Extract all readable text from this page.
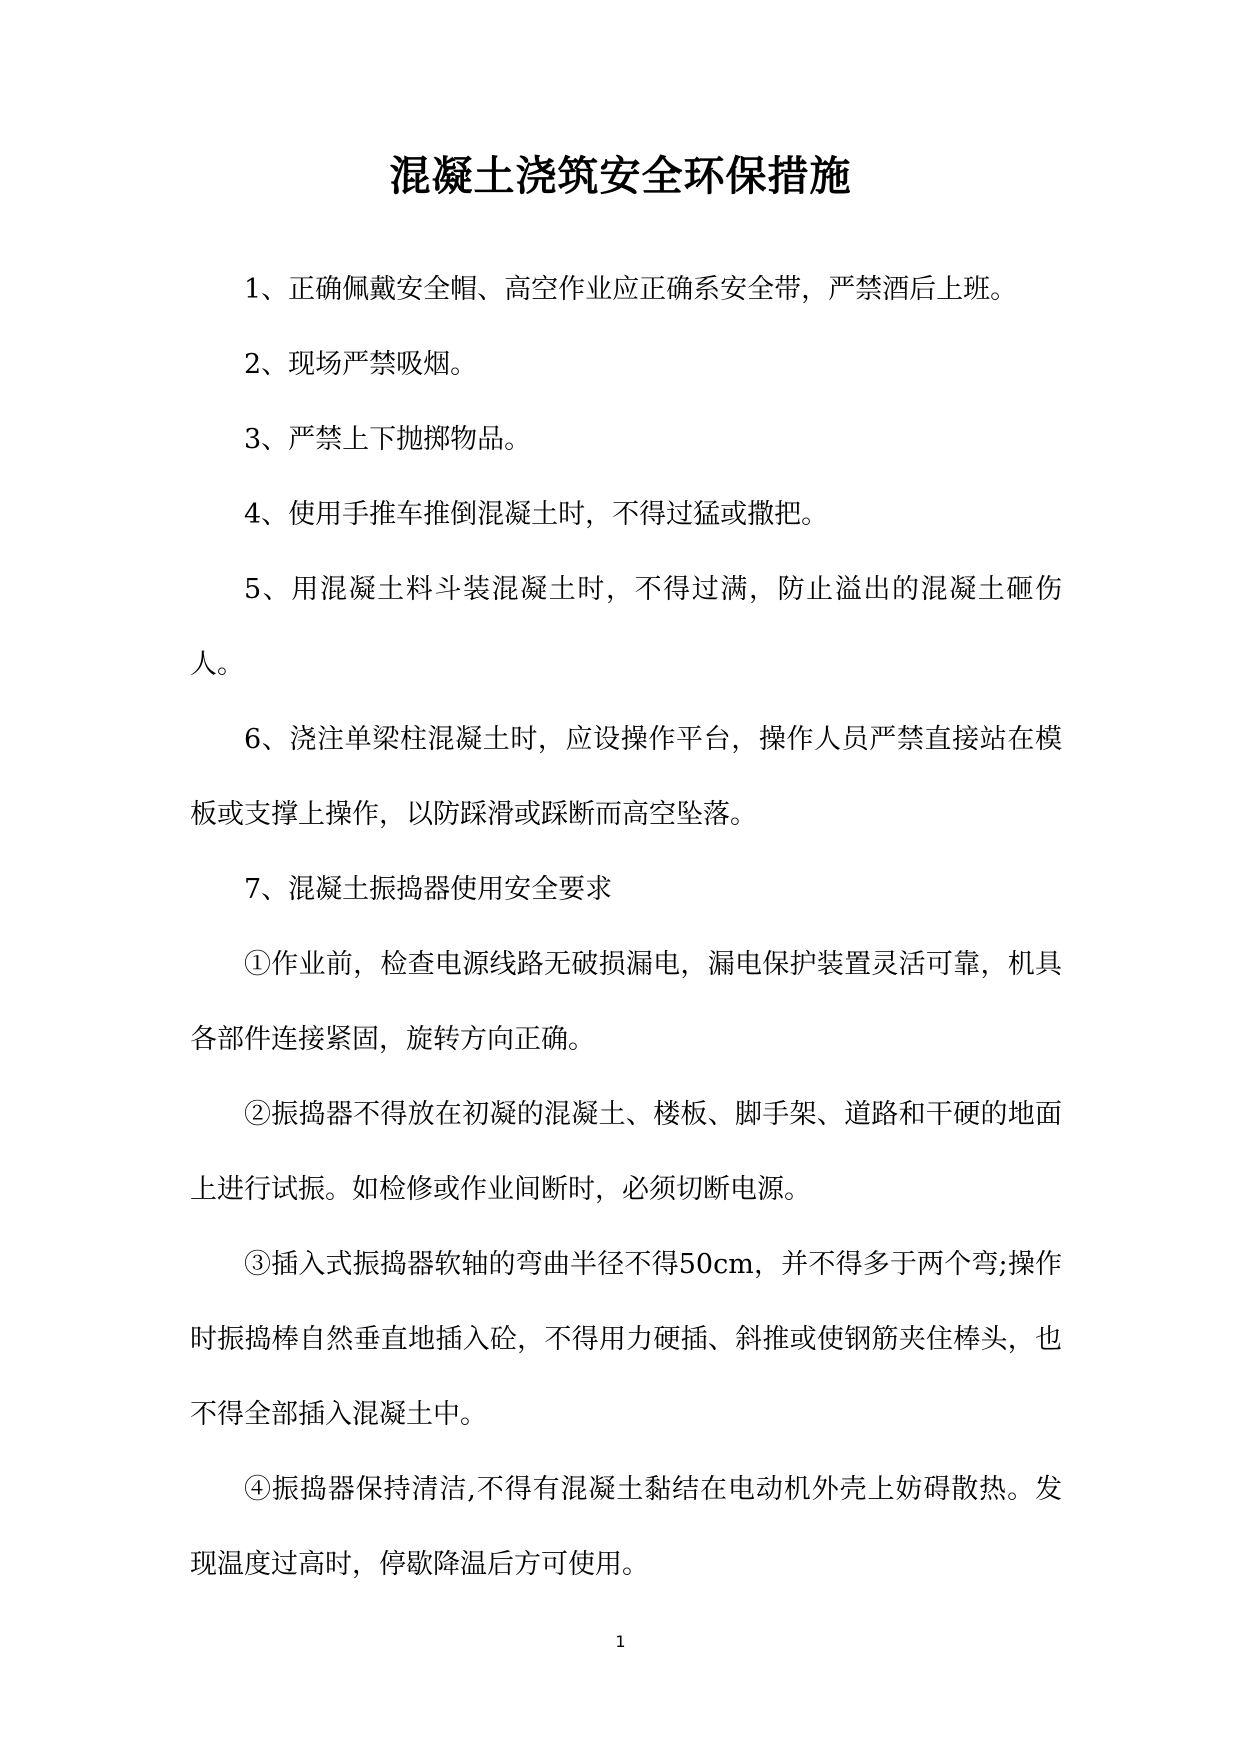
混凝土浇筑安全环保措施

1、正确佩戴安全帽、高空作业应正确系安全带，严禁酒后上班。

2、现场严禁吸烟。

3、严禁上下抛掷物品。

4、使用手推车推倒混凝土时，不得过猛或撒把。

5、用混凝土料斗装混凝土时，不得过满，防止溢出的混凝土砸伤人。

6、浇注单梁柱混凝土时，应设操作平台，操作人员严禁直接站在模板或支撑上操作，以防踩滑或踩断而高空坠落。

7、混凝土振捣器使用安全要求

①作业前，检查电源线路无破损漏电，漏电保护装置灵活可靠，机具各部件连接紧固，旋转方向正确。

②振捣器不得放在初凝的混凝土、楼板、脚手架、道路和干硬的地面上进行试振。如检修或作业间断时，必须切断电源。

③插入式振捣器软轴的弯曲半径不得50cm，并不得多于两个弯;操作时振捣棒自然垂直地插入砼，不得用力硬插、斜推或使钢筋夹住棒头，也不得全部插入混凝土中。

④振捣器保持清洁,不得有混凝土黏结在电动机外壳上妨碍散热。发现温度过高时，停歇降温后方可使用。

1
